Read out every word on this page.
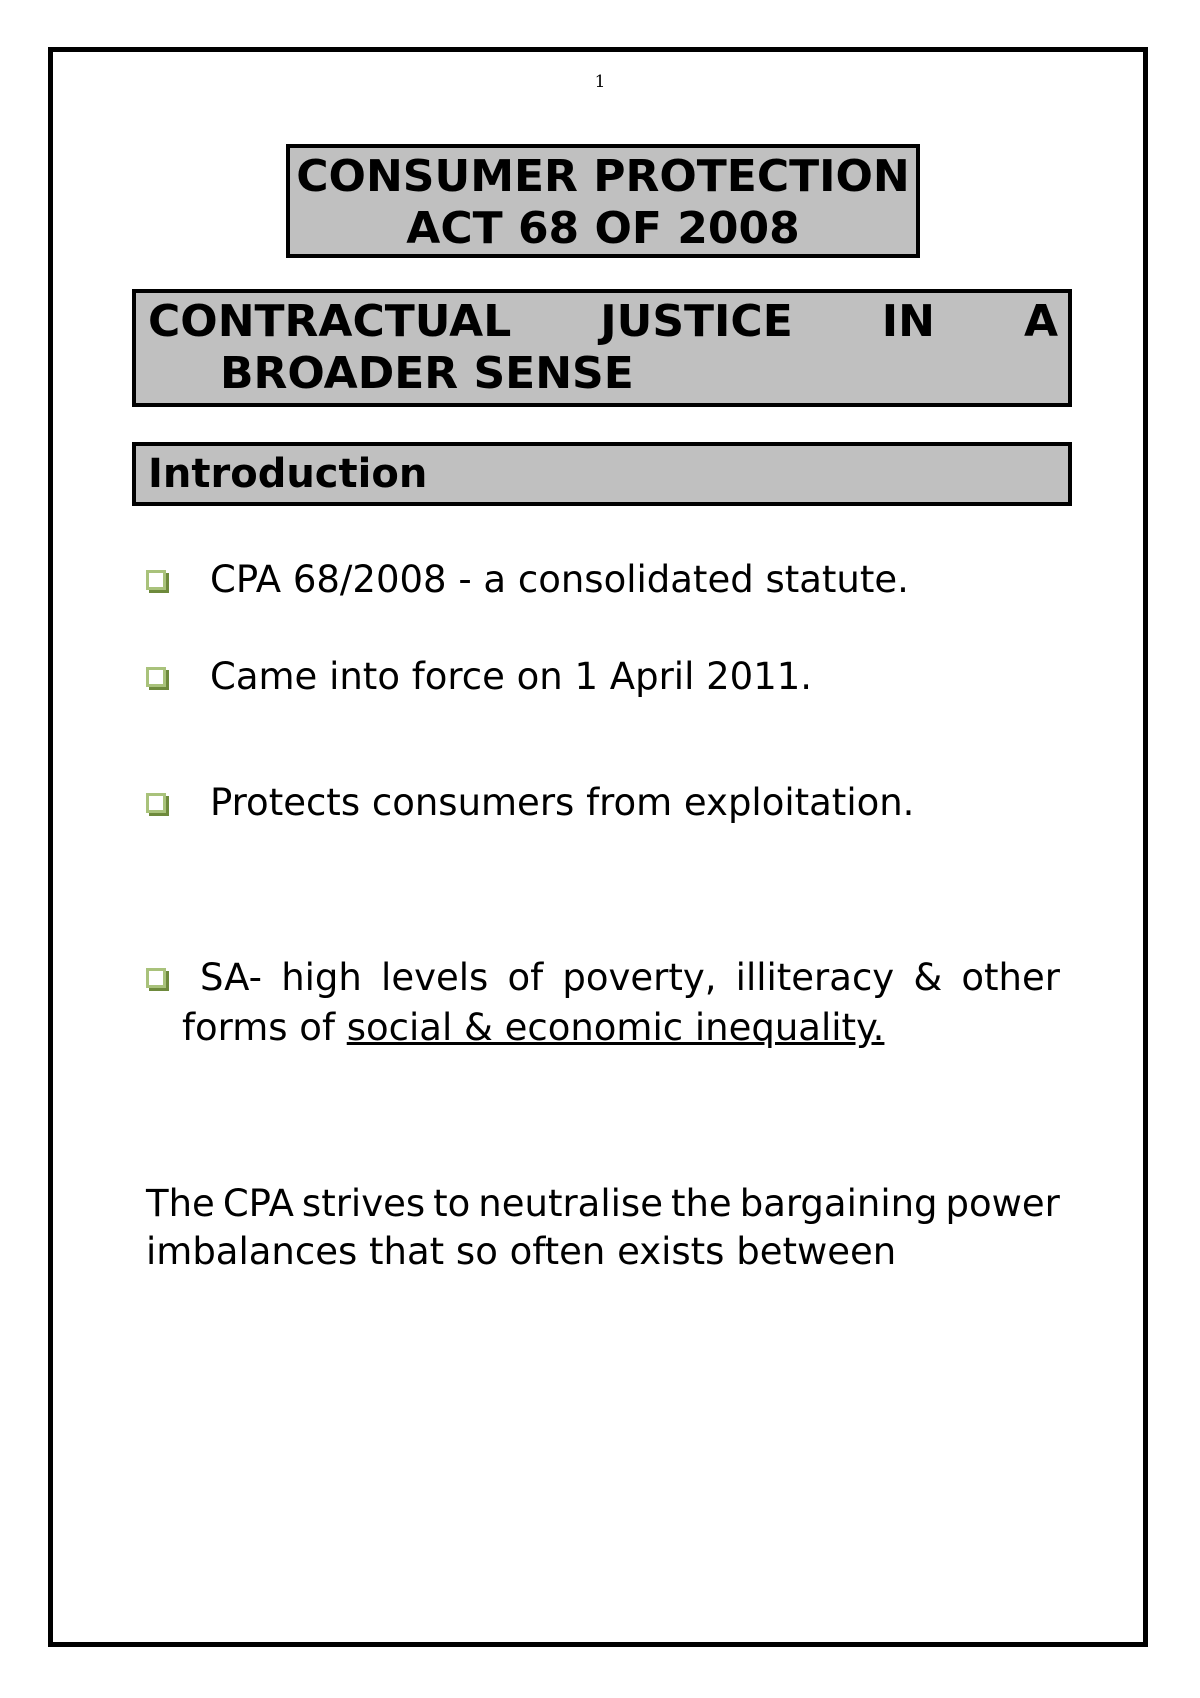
1
CONSUMER PROTECTION
ACT 68 OF 2008
CONTRACTUAL JUSTICE IN A
BROADER SENSE
Introduction
CPA 68/2008 - a consolidated statute.
Came into force on 1 April 2011.
Protects consumers from exploitation.
SA- high levels of poverty, illiteracy & other
forms of social & economic inequality.
The CPA strives to neutralise the bargaining power
imbalances that so often exists between
